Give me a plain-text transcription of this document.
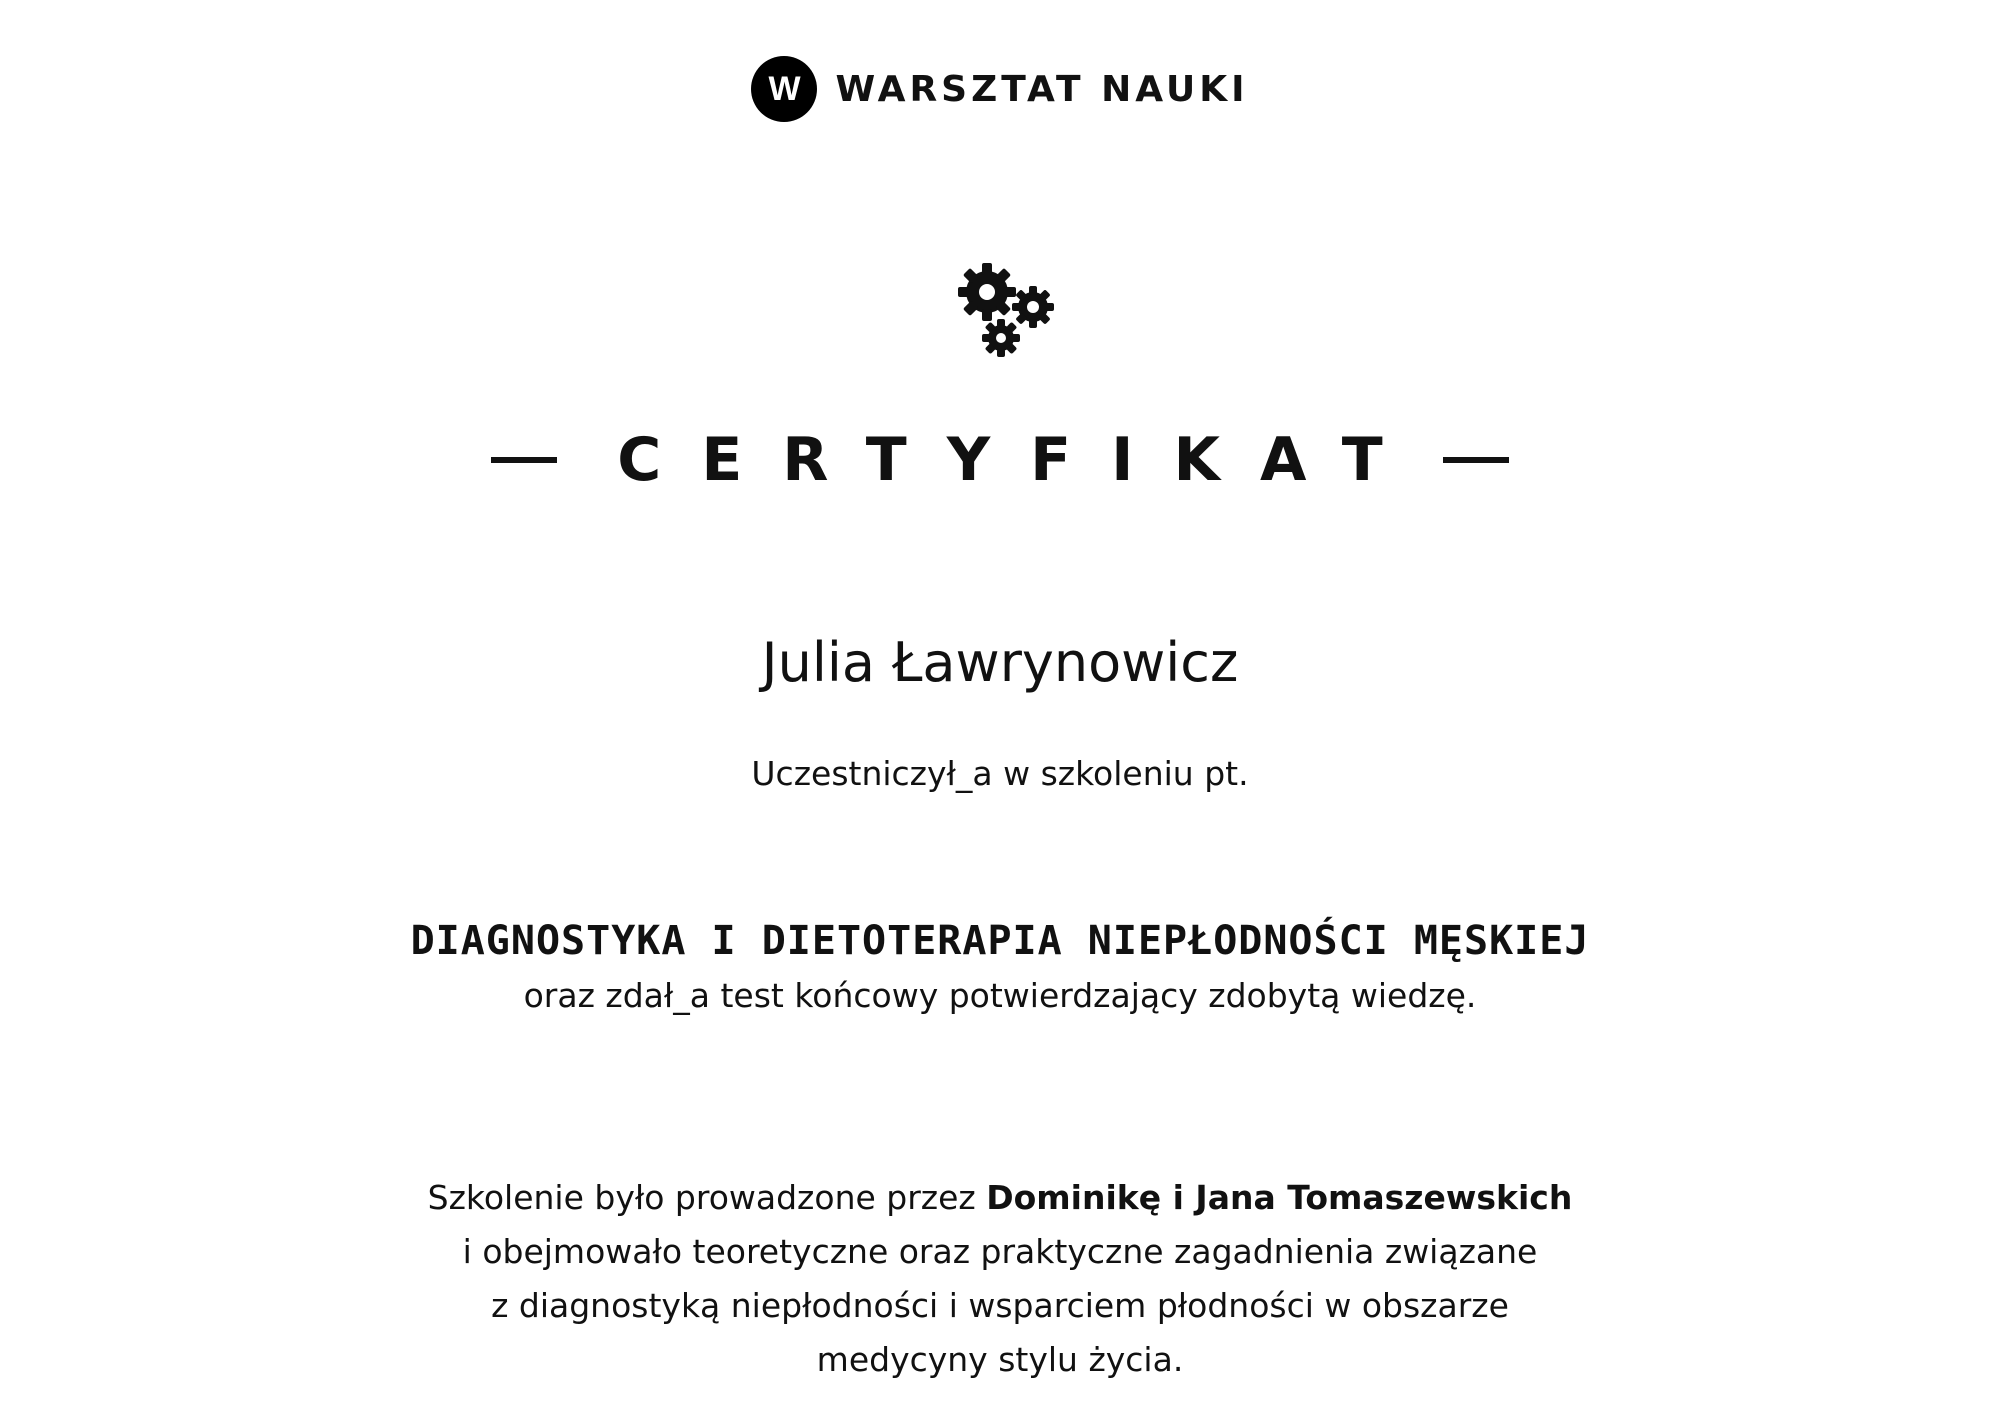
W WARSZTAT NAUKI
CERTYFIKAT
Julia Ławrynowicz
Uczestniczył_a w szkoleniu pt.
DIAGNOSTYKA I DIETOTERAPIA NIEPŁODNOŚCI MĘSKIEJ
oraz zdał_a test końcowy potwierdzający zdobytą wiedzę.
Szkolenie było prowadzone przez Dominikę i Jana Tomaszewskich
i obejmowało teoretyczne oraz praktyczne zagadnienia związane
z diagnostyką niepłodności i wsparciem płodności w obszarze
medycyny stylu życia.
